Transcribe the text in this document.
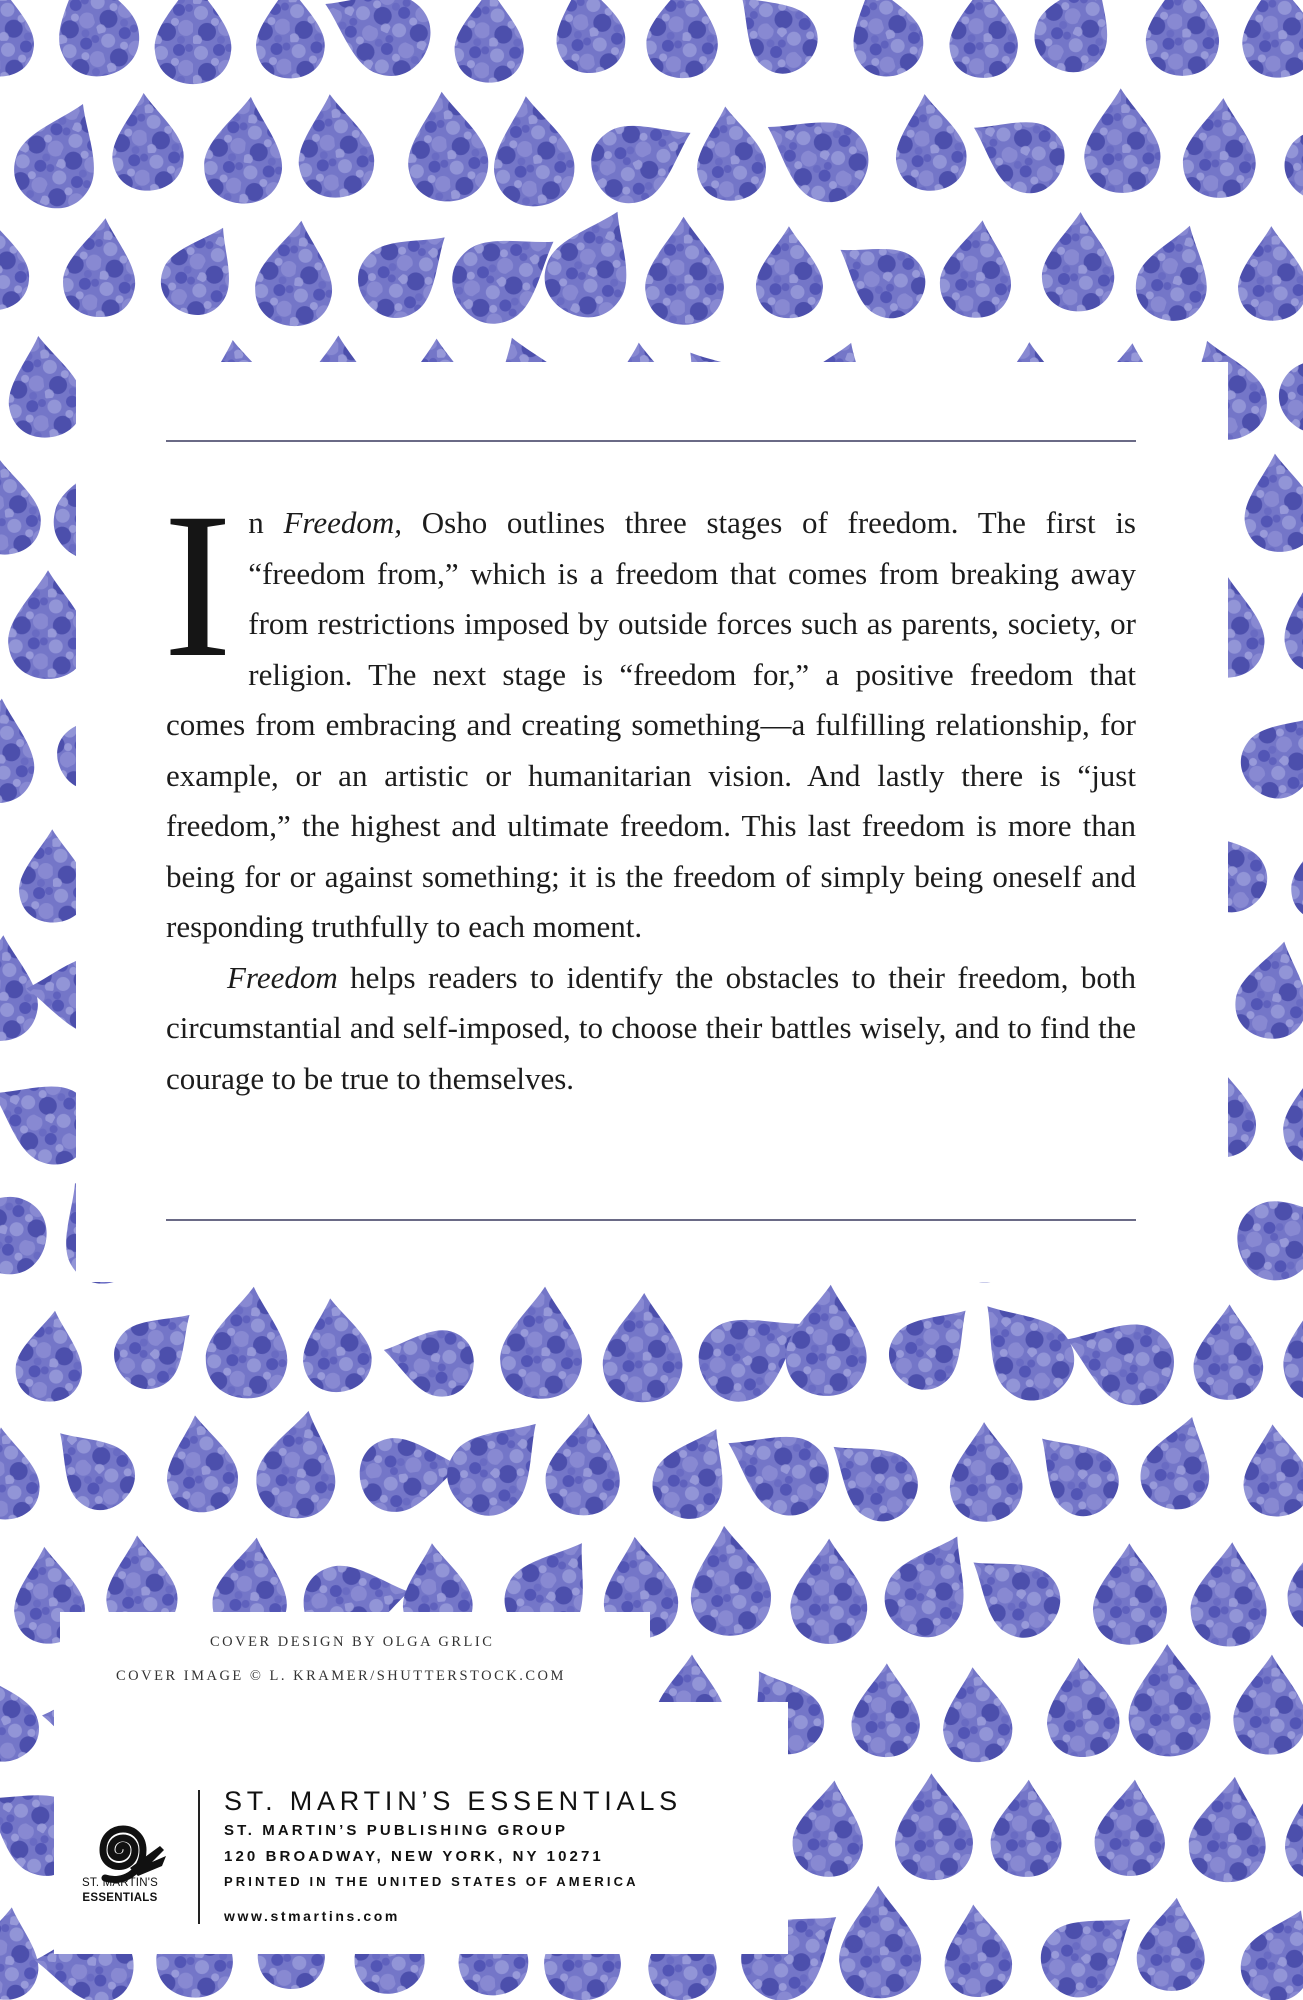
In Freedom, Osho outlines three stages of freedom. The first is “freedom from,” which is a freedom that comes from breaking away from restrictions imposed by outside forces such as parents, society, or religion. The next stage is “freedom for,” a positive freedom that comes from embracing and creating something—a fulfilling relationship, for example, or an artistic or humanitarian vision. And lastly there is “just freedom,” the highest and ultimate freedom. This last freedom is more than being for or against something; it is the freedom of simply being oneself and responding truthfully to each moment.

Freedom helps readers to identify the obstacles to their freedom, both circumstantial and self-imposed, to choose their battles wisely, and to find the courage to be true to themselves.

COVER DESIGN BY OLGA GRLIC
COVER IMAGE © L. KRAMER/SHUTTERSTOCK.COM
ST. MARTIN'S
ESSENTIALS
ST. MARTIN’S ESSENTIALS
ST. MARTIN’S PUBLISHING GROUP
120 BROADWAY, NEW YORK, NY 10271
PRINTED IN THE UNITED STATES OF AMERICA
www.stmartins.com
